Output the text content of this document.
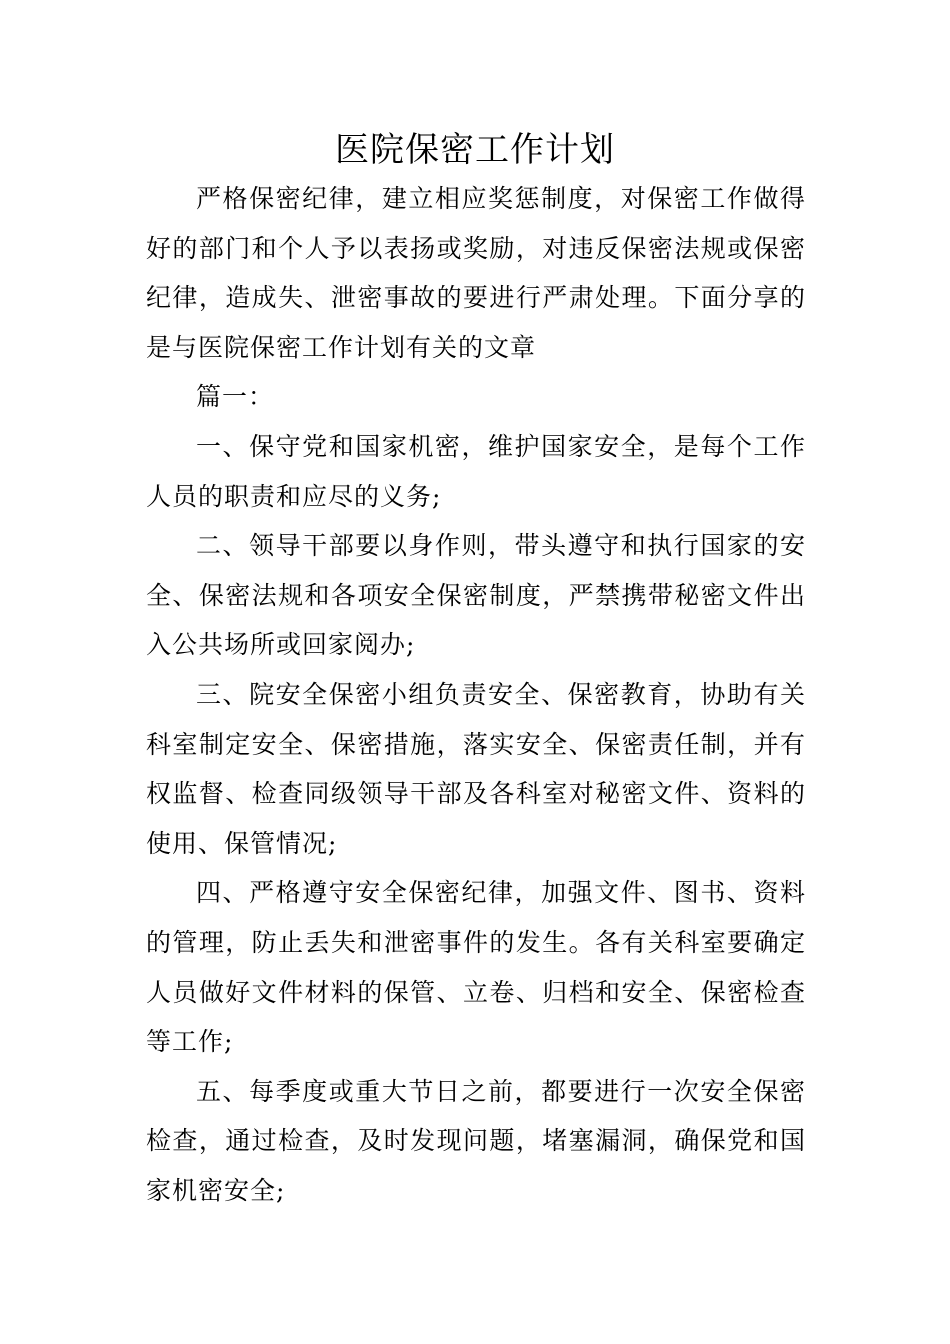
医院保密工作计划

严格保密纪律，建立相应奖惩制度，对保密工作做得好的部门和个人予以表扬或奖励，对违反保密法规或保密纪律，造成失、泄密事故的要进行严肃处理。下面分享的是与医院保密工作计划有关的文章

篇一：

一、保守党和国家机密，维护国家安全，是每个工作人员的职责和应尽的义务;

二、领导干部要以身作则，带头遵守和执行国家的安全、保密法规和各项安全保密制度，严禁携带秘密文件出入公共场所或回家阅办;

三、院安全保密小组负责安全、保密教育，协助有关科室制定安全、保密措施，落实安全、保密责任制，并有权监督、检查同级领导干部及各科室对秘密文件、资料的使用、保管情况;

四、严格遵守安全保密纪律，加强文件、图书、资料的管理，防止丢失和泄密事件的发生。各有关科室要确定人员做好文件材料的保管、立卷、归档和安全、保密检查等工作;

五、每季度或重大节日之前，都要进行一次安全保密检查，通过检查，及时发现问题，堵塞漏洞，确保党和国家机密安全;
